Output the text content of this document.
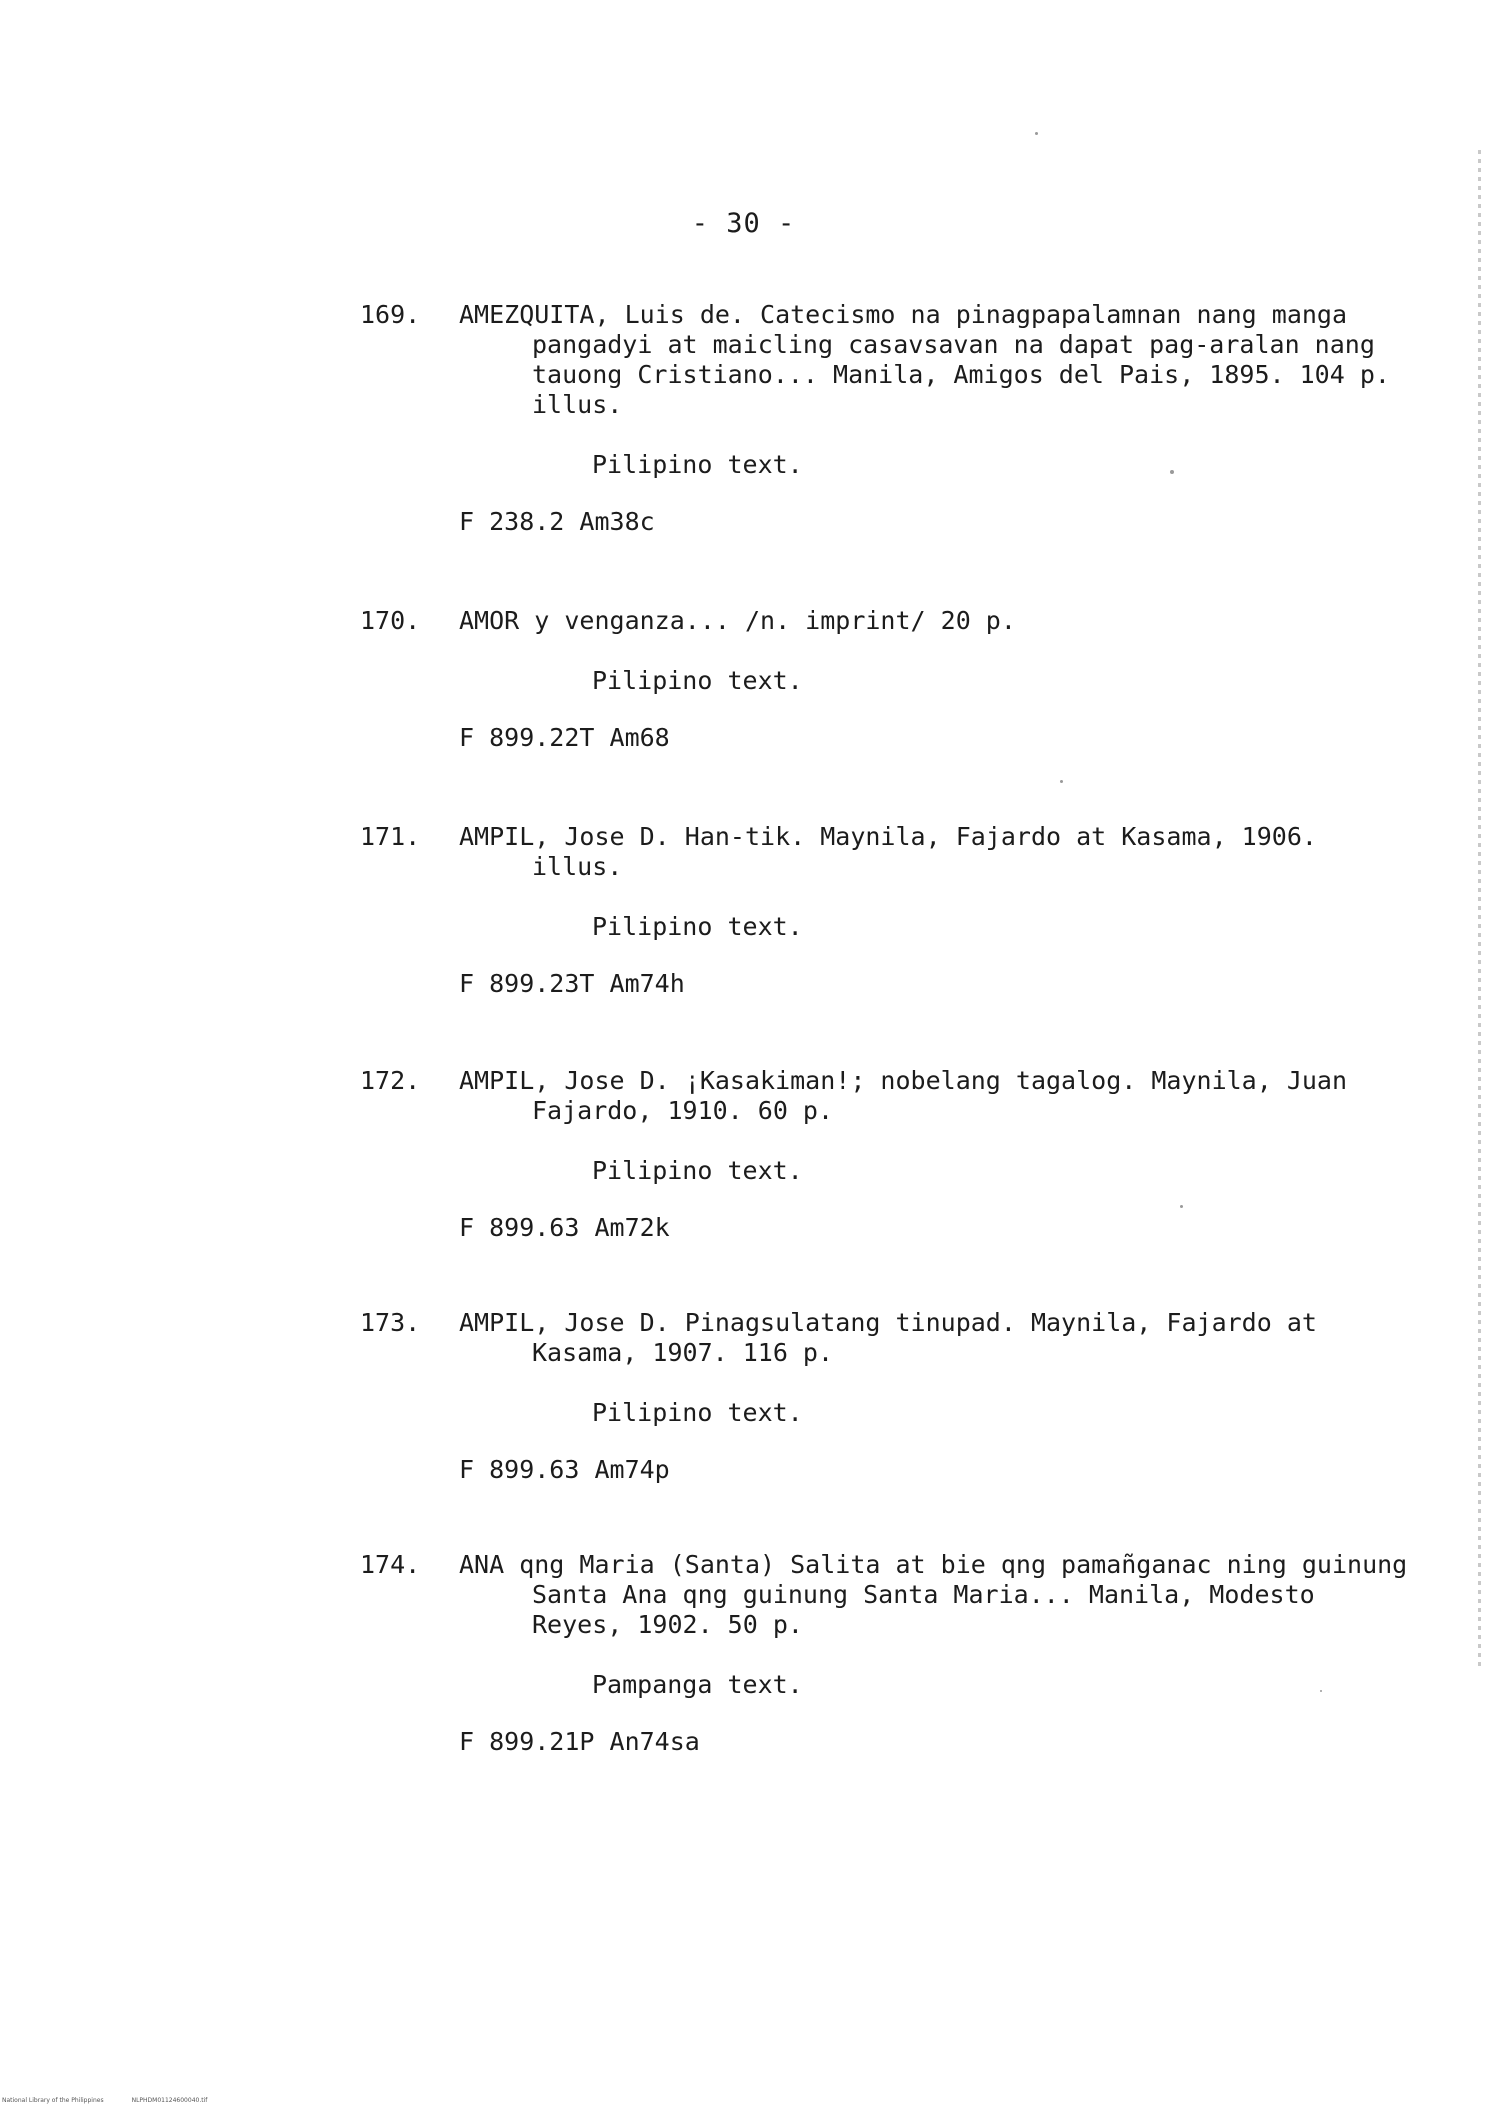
- 30 -
169. AMEZQUITA, Luis de. Catecismo na pinagpapalamnan nang manga pangadyi at maicling casavsavan na dapat pag-aralan nang tauong Cristiano... Manila, Amigos del Pais, 1895. 104 p. illus.
Pilipino text.
F 238.2 Am38c
170. AMOR y venganza... /n. imprint/ 20 p.
Pilipino text.
F 899.22T Am68
171. AMPIL, Jose D. Han-tik. Maynila, Fajardo at Kasama, 1906. illus.
Pilipino text.
F 899.23T Am74h
172. AMPIL, Jose D. ¡Kasakiman!; nobelang tagalog. Maynila, Juan Fajardo, 1910. 60 p.
Pilipino text.
F 899.63 Am72k
173. AMPIL, Jose D. Pinagsulatang tinupad. Maynila, Fajardo at Kasama, 1907. 116 p.
Pilipino text.
F 899.63 Am74p
174. ANA qng Maria (Santa) Salita at bie qng pamañganac ning guinung Santa Ana qng guinung Santa Maria... Manila, Modesto Reyes, 1902. 50 p.
Pampanga text.
F 899.21P An74sa
National Library of the Philippines	NLPHDM01124600040.tif
